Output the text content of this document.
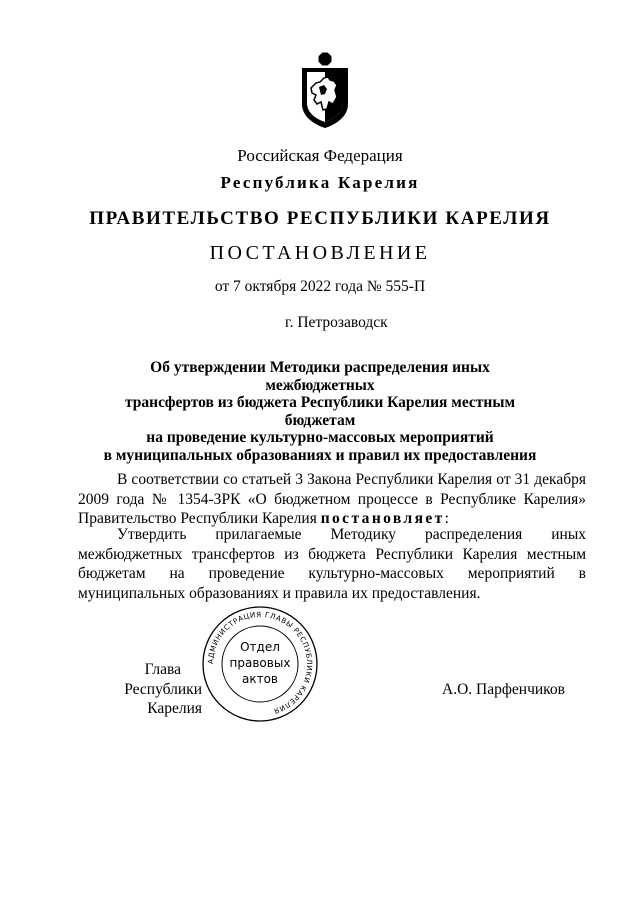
Российская Федерация
Республика Карелия
ПРАВИТЕЛЬСТВО РЕСПУБЛИКИ КАРЕЛИЯ
ПОСТАНОВЛЕНИЕ
от 7 октября 2022 года № 555-П
г. Петрозаводск
Об утверждении Методики распределения иных межбюджетных
трансфертов из бюджета Республики Карелия местным бюджетам
на проведение культурно-массовых мероприятий
в муниципальных образованиях и правил их предоставления

В соответствии со статьей 3 Закона Республики Карелия от 31 декабря 2009 года № 1354-ЗРК «О бюджетном процессе в Республике Карелия» Правительство Республики Карелия постановляет:

Утвердить прилагаемые Методику распределения иных межбюджетных трансфертов из бюджета Республики Карелия местным бюджетам на проведение культурно-массовых мероприятий в муниципальных образованиях и правила их предоставления.

Глава
Республики Карелия
А.О. Парфенчиков
АДМИНИСТРАЦИЯ ГЛАВЫ РЕСПУБЛИКИ КАРЕЛИЯ
Отдел
правовых
актов
